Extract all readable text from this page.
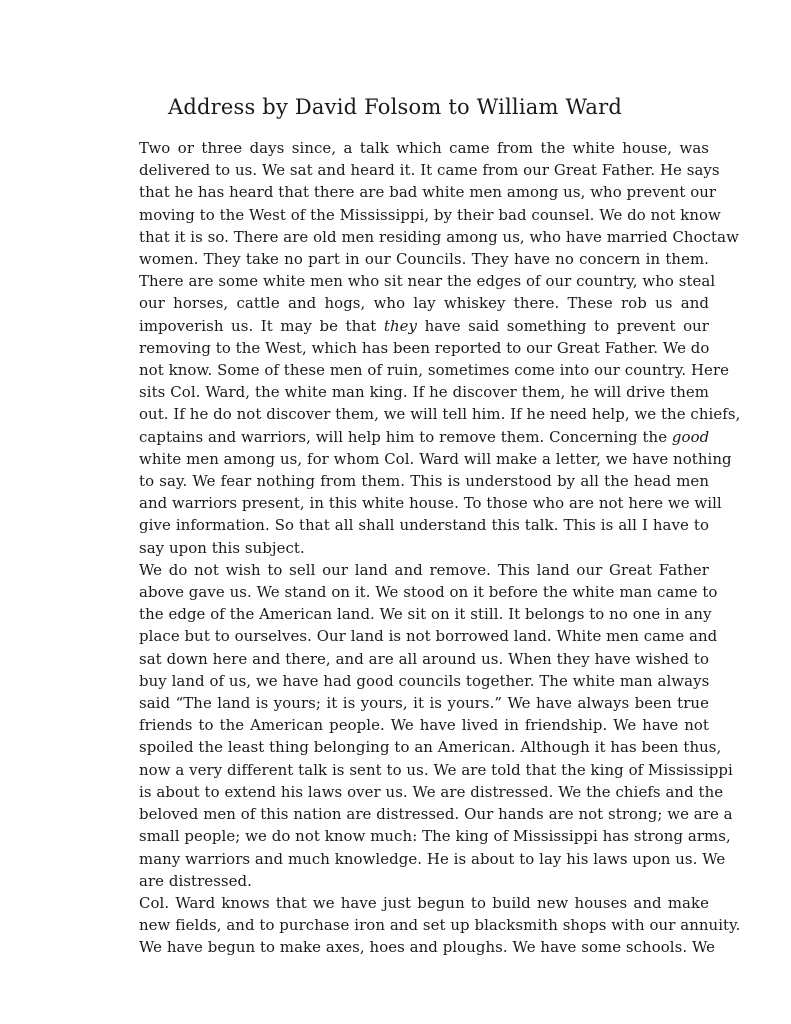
Address by David Folsom to William Ward
Two or three days since, a talk which came from the white house, was
delivered to us. We sat and heard it. It came from our Great Father. He says
that he has heard that there are bad white men among us, who prevent our
moving to the West of the Mississippi, by their bad counsel. We do not know
that it is so. There are old men residing among us, who have married Choctaw
women. They take no part in our Councils. They have no concern in them.
There are some white men who sit near the edges of our country, who steal
our horses, cattle and hogs, who lay whiskey there. These rob us and
impoverish us. It may be that they have said something to prevent our
removing to the West, which has been reported to our Great Father. We do
not know. Some of these men of ruin, sometimes come into our country. Here
sits Col. Ward, the white man king. If he discover them, he will drive them
out. If he do not discover them, we will tell him. If he need help, we the chiefs,
captains and warriors, will help him to remove them. Concerning the good
white men among us, for whom Col. Ward will make a letter, we have nothing
to say. We fear nothing from them. This is understood by all the head men
and warriors present, in this white house. To those who are not here we will
give information. So that all shall understand this talk. This is all I have to
say upon this subject.
We do not wish to sell our land and remove. This land our Great Father
above gave us. We stand on it. We stood on it before the white man came to
the edge of the American land. We sit on it still. It belongs to no one in any
place but to ourselves. Our land is not borrowed land. White men came and
sat down here and there, and are all around us. When they have wished to
buy land of us, we have had good councils together. The white man always
said “The land is yours; it is yours, it is yours.” We have always been true
friends to the American people. We have lived in friendship. We have not
spoiled the least thing belonging to an American. Although it has been thus,
now a very different talk is sent to us. We are told that the king of Mississippi
is about to extend his laws over us. We are distressed. We the chiefs and the
beloved men of this nation are distressed. Our hands are not strong; we are a
small people; we do not know much: The king of Mississippi has strong arms,
many warriors and much knowledge. He is about to lay his laws upon us. We
are distressed.
Col. Ward knows that we have just begun to build new houses and make
new fields, and to purchase iron and set up blacksmith shops with our annuity.
We have begun to make axes, hoes and ploughs. We have some schools. We
